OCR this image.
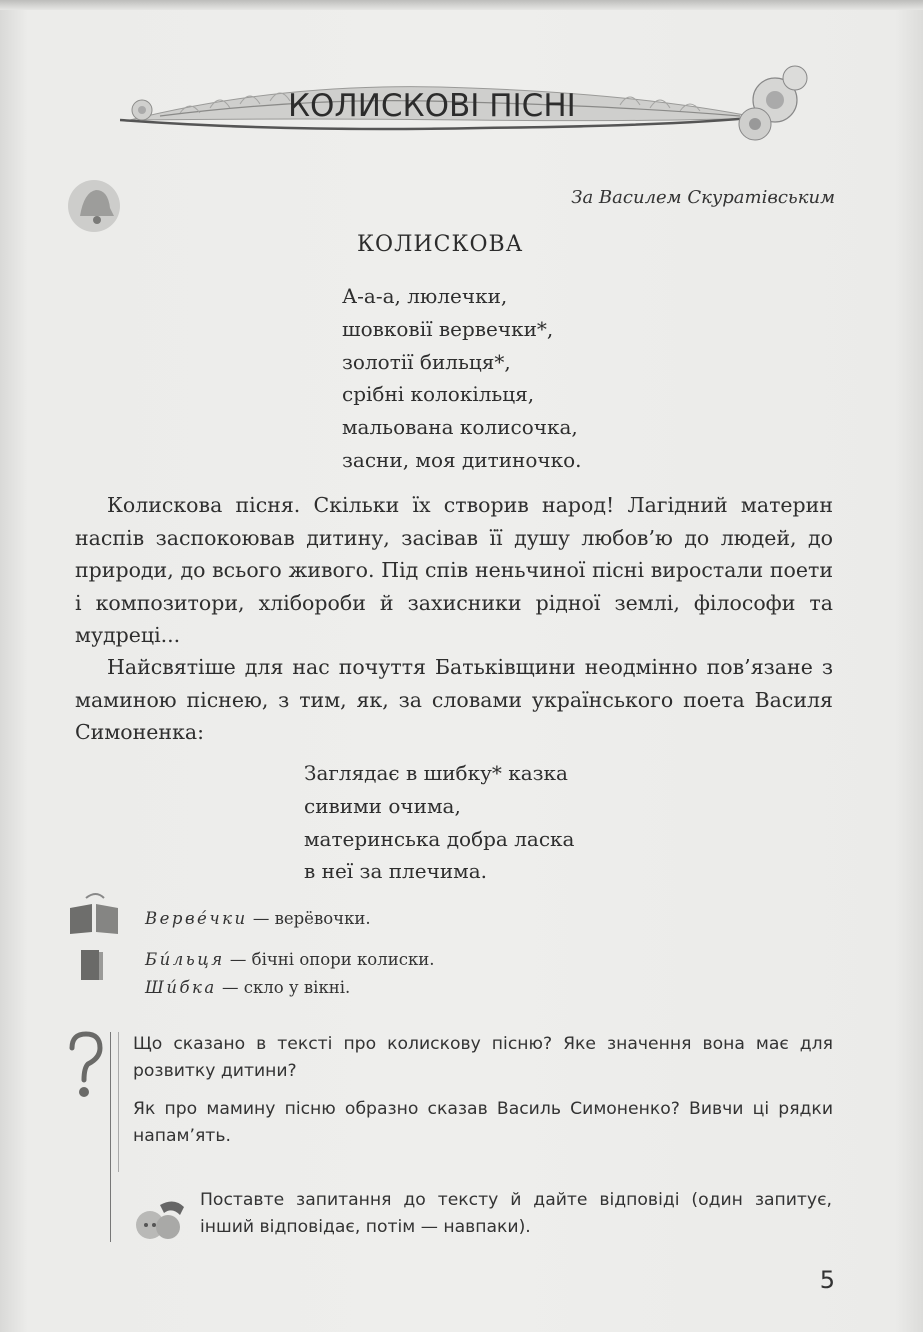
КОЛИСКОВІ ПІСНІ
За Василем Скуратівським
КОЛИСКОВА
А-а-а, люлечки,
шовковії вервечки*,
золотії бильця*,
срібні колокільця,
мальована колисочка,
засни, моя дитиночко.

Колискова пісня. Скільки їх створив народ! Лагідний материн наспів заспокоював дитину, засівав її душу любов’ю до людей, до природи, до всього живого. Під спів неньчиної пісні виростали поети і композитори, хлібороби й захисники рідної землі, філософи та мудреці...

Найсвятіше для нас почуття Батьківщини неодмінно пов’язане з маминою піснею, з тим, як, за словами українського поета Василя Симоненка:

Заглядає в шибку* казка
сивими очима,
материнська добра ласка
в неї за плечима.
Вервéчки — верёвочки.
Би́льця — бічні опори колиски.
Ши́бка — скло у вікні.

Що сказано в тексті про колискову пісню? Яке значення вона має для розвитку дитини?

Як про мамину пісню образно сказав Василь Симоненко? Вивчи ці рядки напам’ять.

Поставте запитання до тексту й дайте відповіді (один запитує, інший відповідає, потім — навпаки).

5
